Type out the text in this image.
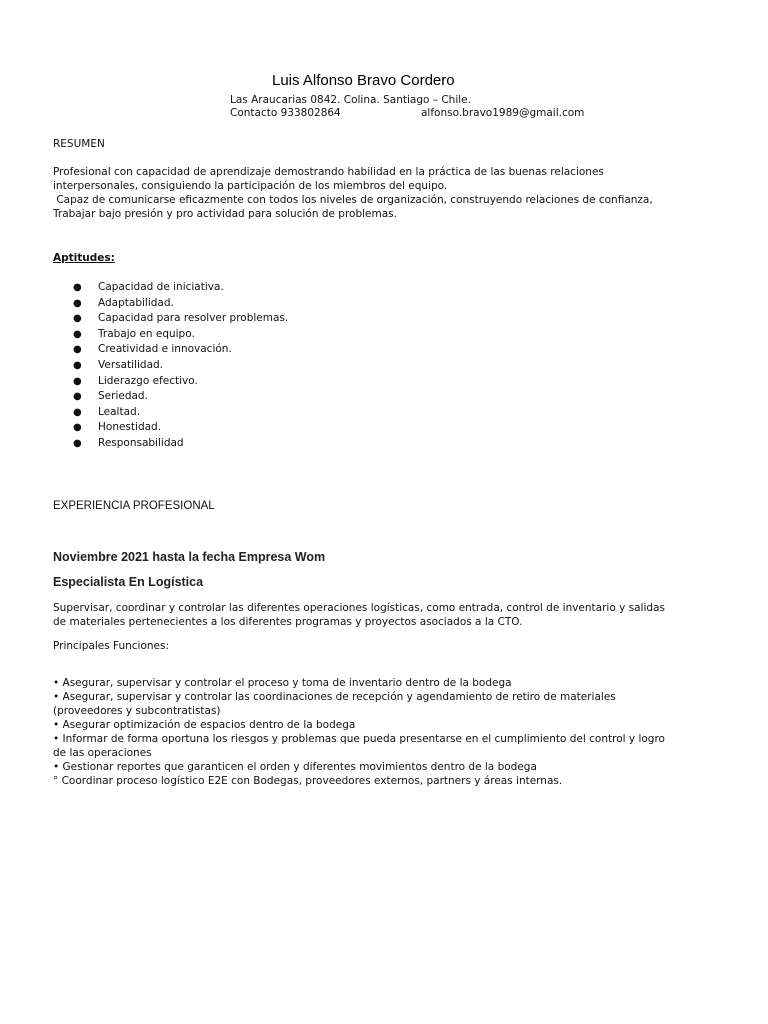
Luis Alfonso Bravo Cordero
Las Araucarias 0842. Colina. Santiago – Chile.
Contacto 933802864	alfonso.bravo1989@gmail.com
RESUMEN

Profesional con capacidad de aprendizaje demostrando habilidad en la práctica de las buenas relaciones

interpersonales, consiguiendo la participación de los miembros del equipo.

Capaz de comunicarse eficazmente con todos los niveles de organización, construyendo relaciones de confianza,

Trabajar bajo presión y pro actividad para solución de problemas.

Aptitudes:
● Capacidad de iniciativa.
● Adaptabilidad.
● Capacidad para resolver problemas.
● Trabajo en equipo.
● Creatividad e innovación.
● Versatilidad.
● Liderazgo efectivo.
● Seriedad.
● Lealtad.
● Honestidad.
● Responsabilidad
EXPERIENCIA PROFESIONAL
Noviembre 2021 hasta la fecha Empresa Wom
Especialista En Logística

Supervisar, coordinar y controlar las diferentes operaciones logísticas, como entrada, control de inventario y salidas

de materiales pertenecientes a los diferentes programas y proyectos asociados a la CTO.

Principales Funciones:
• Asegurar, supervisar y controlar el proceso y toma de inventario dentro de la bodega
• Asegurar, supervisar y controlar las coordinaciones de recepción y agendamiento de retiro de materiales
(proveedores y subcontratistas)
• Asegurar optimización de espacios dentro de la bodega
• Informar de forma oportuna los riesgos y problemas que pueda presentarse en el cumplimiento del control y logro
de las operaciones
• Gestionar reportes que garanticen el orden y diferentes movimientos dentro de la bodega
° Coordinar proceso logístico E2E con Bodegas, proveedores externos, partners y áreas internas.
